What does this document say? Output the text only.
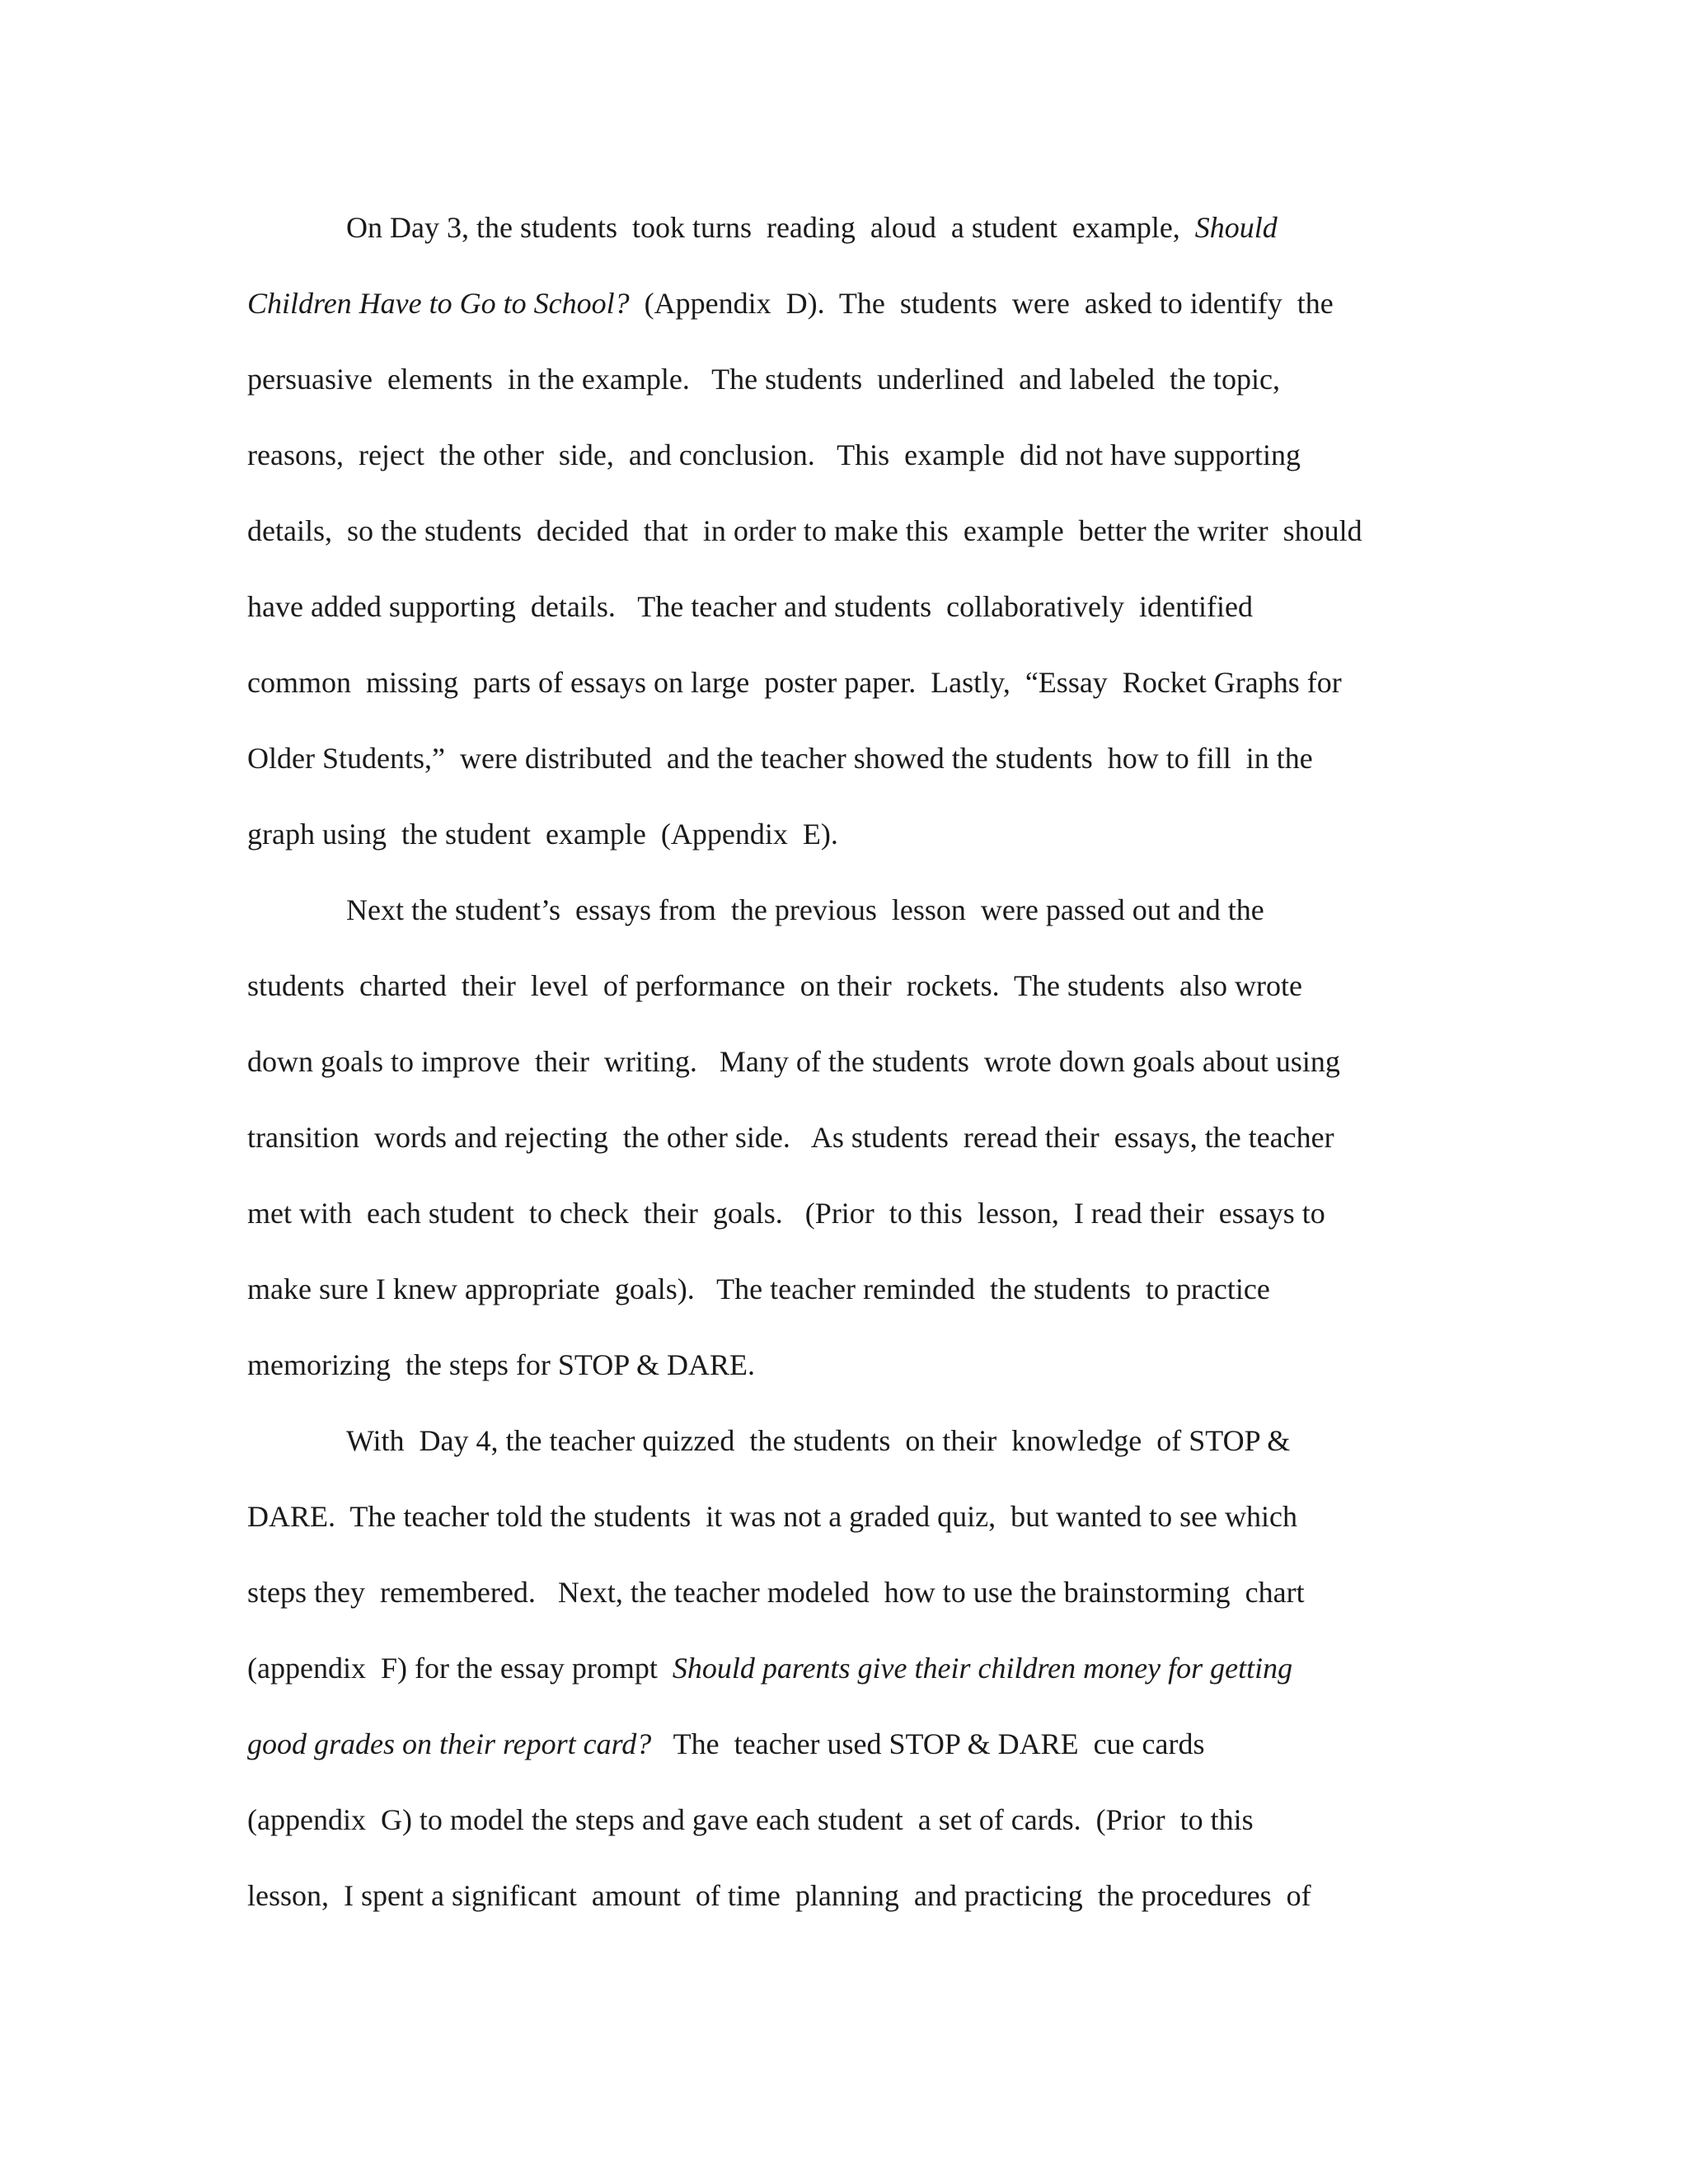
On Day 3, the students  took turns  reading  aloud  a student  example,  Should
Children Have to Go to School?  (Appendix  D).  The  students  were  asked to identify  the
persuasive  elements  in the example.   The students  underlined  and labeled  the topic,
reasons,  reject  the other  side,  and conclusion.   This  example  did not have supporting
details,  so the students  decided  that  in order to make this  example  better the writer  should
have added supporting  details.   The teacher and students  collaboratively  identified
common  missing  parts of essays on large  poster paper.  Lastly,  “Essay  Rocket Graphs for
Older Students,”  were distributed  and the teacher showed the students  how to fill  in the
graph using  the student  example  (Appendix  E).
Next the student’s  essays from  the previous  lesson  were passed out and the
students  charted  their  level  of performance  on their  rockets.  The students  also wrote
down goals to improve  their  writing.   Many of the students  wrote down goals about using
transition  words and rejecting  the other side.   As students  reread their  essays, the teacher
met with  each student  to check  their  goals.   (Prior  to this  lesson,  I read their  essays to
make sure I knew appropriate  goals).   The teacher reminded  the students  to practice
memorizing  the steps for STOP & DARE.
With  Day 4, the teacher quizzed  the students  on their  knowledge  of STOP &
DARE.  The teacher told the students  it was not a graded quiz,  but wanted to see which
steps they  remembered.   Next, the teacher modeled  how to use the brainstorming  chart
(appendix  F) for the essay prompt  Should parents give their children money for getting
good grades on their report card?   The  teacher used STOP & DARE  cue cards
(appendix  G) to model the steps and gave each student  a set of cards.  (Prior  to this
lesson,  I spent a significant  amount  of time  planning  and practicing  the procedures  of
